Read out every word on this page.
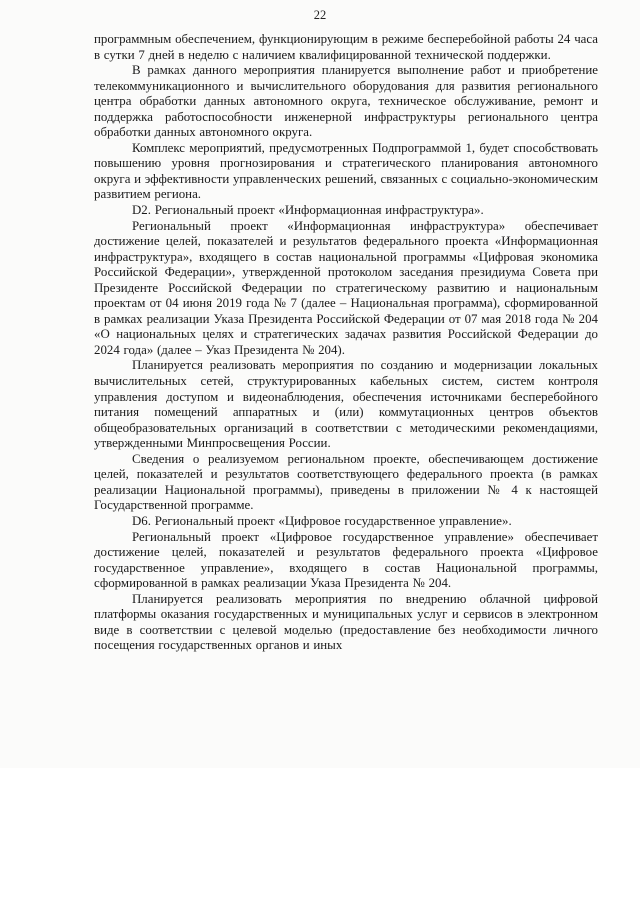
22

программным обеспечением, функционирующим в режиме бесперебойной работы 24 часа в сутки 7 дней в неделю с наличием квалифицированной технической поддержки.

В рамках данного мероприятия планируется выполнение работ и приобретение телекоммуникационного и вычислительного оборудования для развития регионального центра обработки данных автономного округа, техническое обслуживание, ремонт и поддержка работоспособности инженерной инфраструктуры регионального центра обработки данных автономного округа.

Комплекс мероприятий, предусмотренных Подпрограммой 1, будет способствовать повышению уровня прогнозирования и стратегического планирования автономного округа и эффективности управленческих решений, связанных с социально-экономическим развитием региона.

D2. Региональный проект «Информационная инфраструктура».

Региональный проект «Информационная инфраструктура» обеспечивает достижение целей, показателей и результатов федерального проекта «Информационная инфраструктура», входящего в состав национальной программы «Цифровая экономика Российской Федерации», утвержденной протоколом заседания президиума Совета при Президенте Российской Федерации по стратегическому развитию и национальным проектам от 04 июня 2019 года № 7 (далее – Национальная программа), сформированной в рамках реализации Указа Президента Российской Федерации от 07 мая 2018 года № 204 «О национальных целях и стратегических задачах развития Российской Федерации до 2024 года» (далее – Указ Президента № 204).

Планируется реализовать мероприятия по созданию и модернизации локальных вычислительных сетей, структурированных кабельных систем, систем контроля управления доступом и видеонаблюдения, обеспечения источниками бесперебойного питания помещений аппаратных и (или) коммутационных центров объектов общеобразовательных организаций в соответствии с методическими рекомендациями, утвержденными Минпросвещения России.

Сведения о реализуемом региональном проекте, обеспечивающем достижение целей, показателей и результатов соответствующего федерального проекта (в рамках реализации Национальной программы), приведены в приложении № 4 к настоящей Государственной программе.

D6. Региональный проект «Цифровое государственное управление».

Региональный проект «Цифровое государственное управление» обеспечивает достижение целей, показателей и результатов федерального проекта «Цифровое государственное управление», входящего в состав Национальной программы, сформированной в рамках реализации Указа Президента № 204.

Планируется реализовать мероприятия по внедрению облачной цифровой платформы оказания государственных и муниципальных услуг и сервисов в электронном виде в соответствии с целевой моделью (предоставление без необходимости личного посещения государственных органов и иных
